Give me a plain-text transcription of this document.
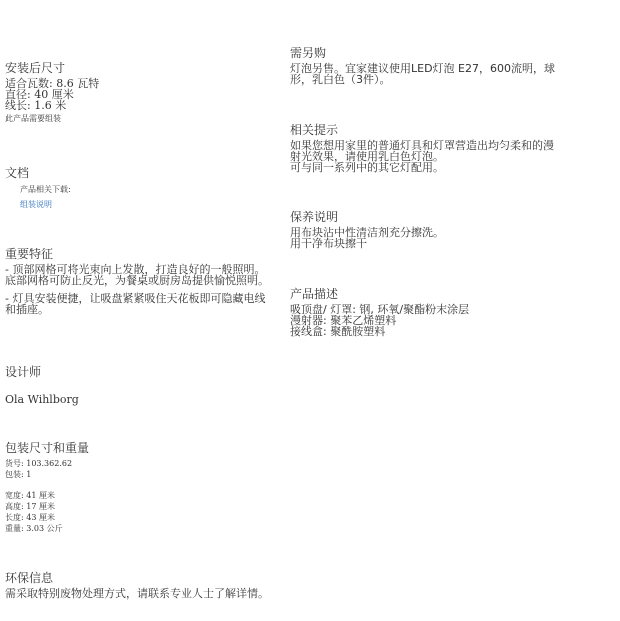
安装后尺寸
适合瓦数: 8.6 瓦特
直径: 40 厘米
线长: 1.6 米
此产品需要组装
文档
产品相关下载:
组装说明
重要特征
- 顶部网格可将光束向上发散，打造良好的一般照明。底部网格可防止反光，为餐桌或厨房岛提供愉悦照明。
- 灯具安装便捷，让吸盘紧紧吸住天花板即可隐藏电线和插座。
设计师
Ola Wihlborg
包装尺寸和重量
货号: 103.362.62
包装: 1
宽度: 41 厘米
高度: 17 厘米
长度: 43 厘米
重量: 3.03 公斤
环保信息
需采取特别废物处理方式，请联系专业人士了解详情。
需另购
灯泡另售。宜家建议使用LED灯泡 E27，600流明，球形，乳白色（3件）。
相关提示
如果您想用家里的普通灯具和灯罩营造出均匀柔和的漫射光效果，请使用乳白色灯泡。
可与同一系列中的其它灯配用。
保养说明
用布块沾中性清洁剂充分擦洗。
用干净布块擦干
产品描述
吸顶盘/ 灯罩: 钢, 环氧/聚酯粉末涂层
漫射器: 聚苯乙烯塑料
接线盒: 聚酰胺塑料
